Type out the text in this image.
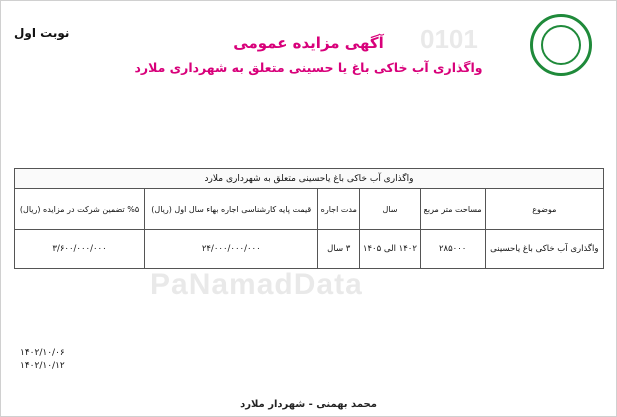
0101
PaNamadData
نوبت اول
آگهی مزایده عمومی
واگذاری آب خاکی باغ یا حسینی متعلق به شهرداری ملارد
واگذاری آب خاکی باغ یاحسینی متعلق به شهرداری ملارد					
موضوع	مساحت متر مربع	سال	مدت اجاره	قیمت پایه کارشناسی اجاره بهاء سال اول (ریال)	%۵ تضمین شرکت در مزایده (ریال)
واگذاری آب خاکی باغ یاحسینی	۲۸۵۰۰۰	۱۴۰۲ الی ۱۴۰۵	۳ سال	۲۴/۰۰۰/۰۰۰/۰۰۰	۳/۶۰۰/۰۰۰/۰۰۰
۱۴۰۲/۱۰/۰۶
۱۴۰۲/۱۰/۱۲
محمد بهمنی - شهردار ملارد
